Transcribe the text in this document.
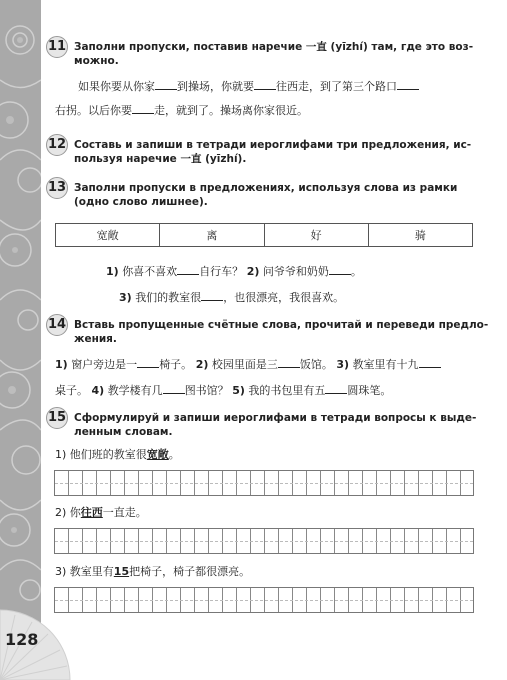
128
11 Заполни пропуски, поставив наречие 一直 (yīzhí) там, где это воз-
можно.
如果你要从你家 到操场，你就要 往西走，到了第三个路口
右拐。以后你要 走，就到了。操场离你家很近。
12 Составь и запиши в тетради иероглифами три предложения, ис-
пользуя наречие 一直 (yīzhí).
13 Заполни пропуски в предложениях, используя слова из рамки
(одно слово лишнее).
宽敞	离	好	骑
1) 你喜不喜欢 自行车？ 2) 问爷爷和奶奶 。
3) 我们的教室很 ，也很漂亮，我很喜欢。
14 Вставь пропущенные счётные слова, прочитай и переведи предло-
жения.
1) 窗户旁边是一 椅子。 2) 校园里面是三 饭馆。 3) 教室里有十九
桌子。 4) 教学楼有几 图书馆？ 5) 我的书包里有五 圆珠笔。
15 Сформулируй и запиши иероглифами в тетради вопросы к выде-
ленным словам.
1) 他们班的教室很宽敞。
2) 你往西一直走。
3) 教室里有15把椅子，椅子都很漂亮。
